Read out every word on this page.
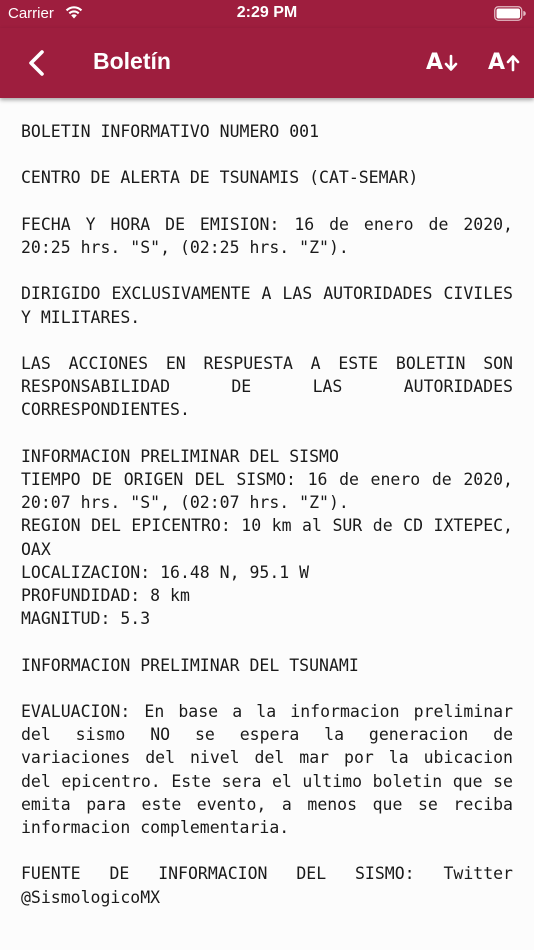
Carrier	2:29 PM
Boletín	A A

BOLETIN INFORMATIVO NUMERO 001

CENTRO DE ALERTA DE TSUNAMIS (CAT-SEMAR)

FECHA Y HORA DE EMISION: 16 de enero de 2020, 20:25 hrs. "S", (02:25 hrs. "Z").

DIRIGIDO EXCLUSIVAMENTE A LAS AUTORIDADES CIVILES Y MILITARES.

LAS ACCIONES EN RESPUESTA A ESTE BOLETIN SON RESPONSABILIDAD DE LAS AUTORIDADES CORRESPONDIENTES.

INFORMACION PRELIMINAR DEL SISMO
TIEMPO DE ORIGEN DEL SISMO: 16 de enero de 2020, 20:07 hrs. "S", (02:07 hrs. "Z").
REGION DEL EPICENTRO: 10 km al SUR de CD IXTEPEC, OAX
LOCALIZACION: 16.48 N, 95.1 W
PROFUNDIDAD: 8 km
MAGNITUD: 5.3

INFORMACION PRELIMINAR DEL TSUNAMI

EVALUACION: En base a la informacion preliminar del sismo NO se espera la generacion de variaciones del nivel del mar por la ubicacion del epicentro. Este sera el ultimo boletin que se emita para este evento, a menos que se reciba informacion complementaria.

FUENTE DE INFORMACION DEL SISMO: Twitter @SismologicoMX
